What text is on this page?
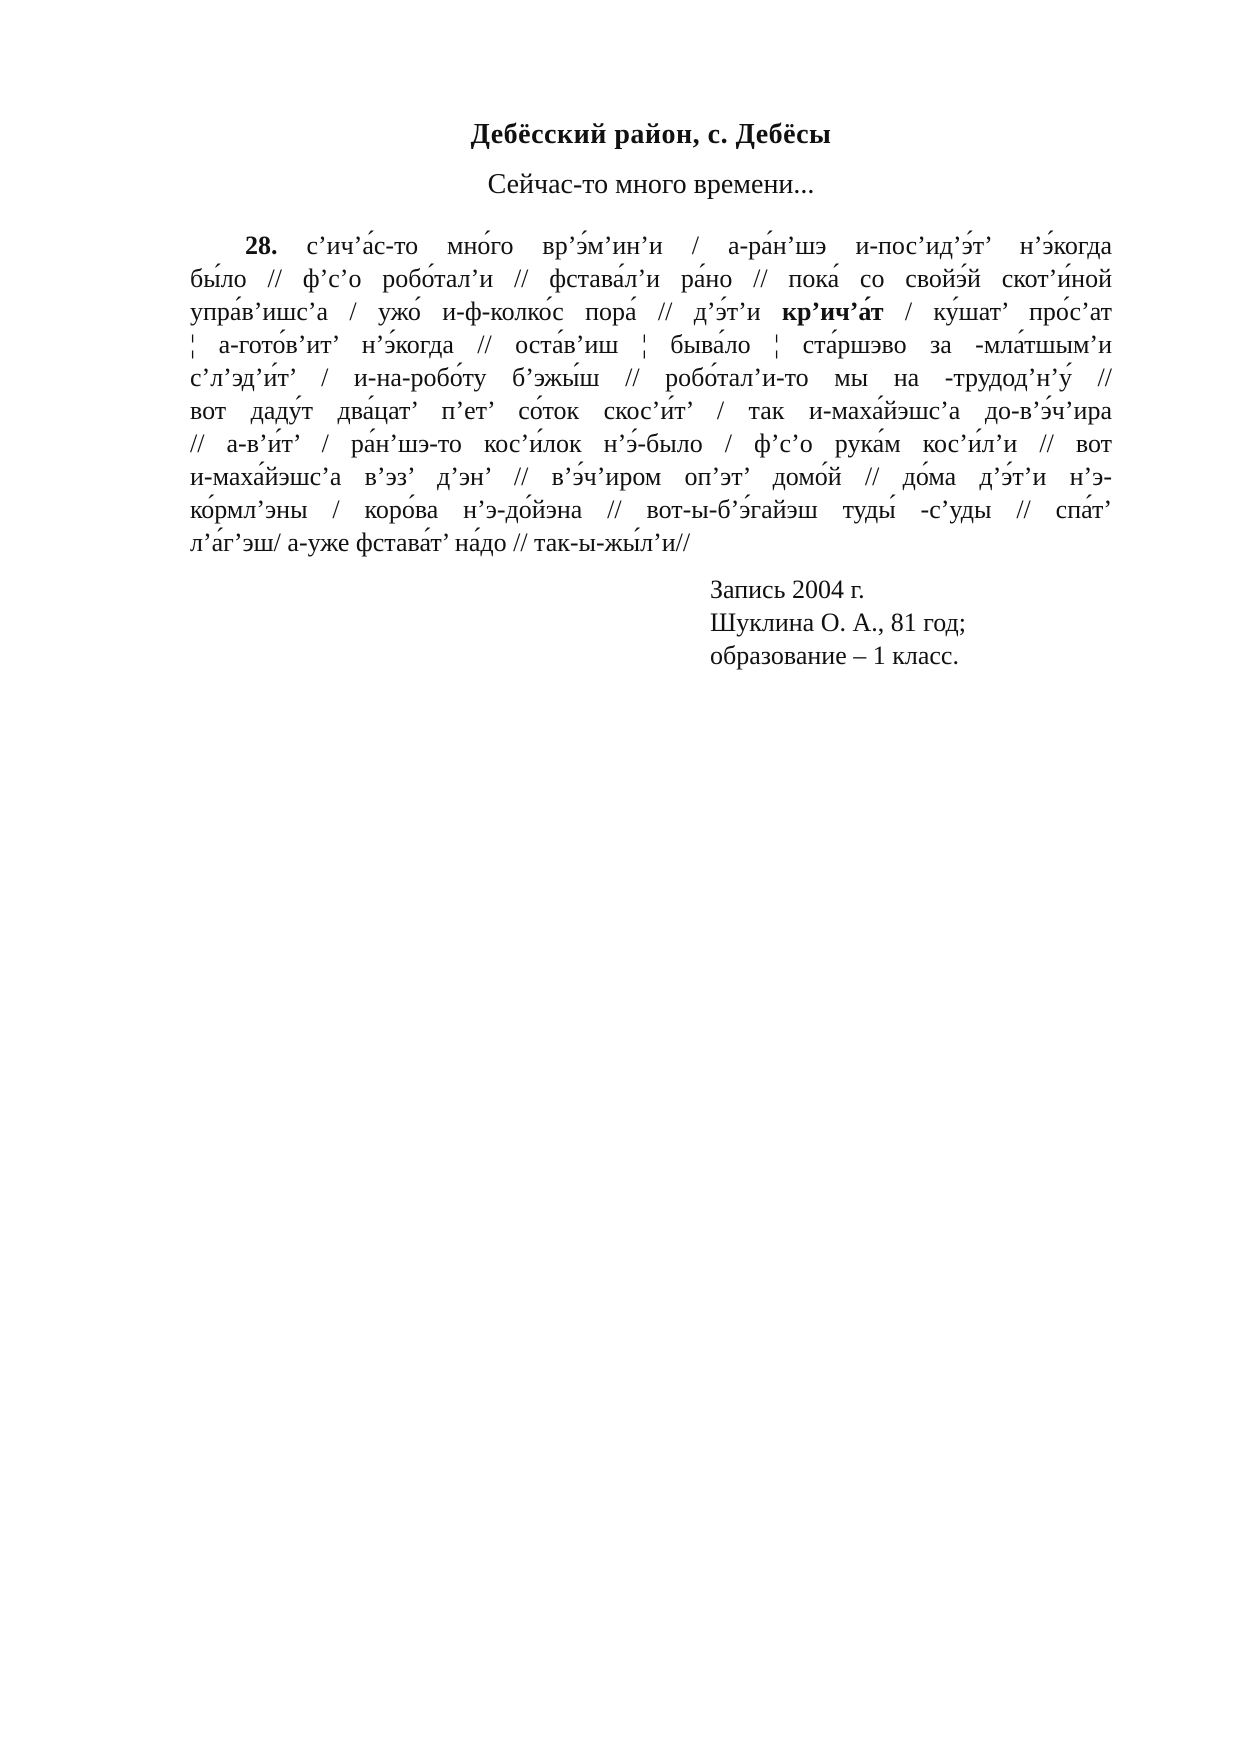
Дебёсский район, с. Дебёсы

Сейчас-то много времени...

28. с’ич’а́с-то мно́го вр’э́м’ин’и / а-ра́н’шэ и-пос’ид’э́т’ н’э́когда
бы́ло // ф’с’о робо́тал’и // фстава́л’и ра́но // пока́ со свойэ́й скот’и́ной
упра́в’ишс’а / ужо́ и-ф-колко́с пора́ // д’э́т’и кр’ич’а́т / ку́шат’ про́с’ат
¦ а-гото́в’ит’ н’э́когда // оста́в’иш ¦ быва́ло ¦ ста́ршэво за -мла́тшым’и
с’л’эд’и́т’ / и-на-робо́ту б’эжы́ш // робо́тал’и-то мы на -трудод’н’у́ //
вот даду́т два́цат’ п’ет’ со́ток скос’и́т’ / так и-маха́йэшс’а до-в’э́ч’ира
// а-в’и́т’ / ра́н’шэ-то кос’и́лок н’э́-было / ф’с’о рука́м кос’и́л’и // вот
и-маха́йэшс’а в’эз’ д’эн’ // в’э́ч’иром оп’эт’ домо́й // до́ма д’э́т’и н’э-
ко́рмл’эны / коро́ва н’э-до́йэна // вот-ы-б’э́гайэш туды́ -с’уды // спа́т’
л’а́г’эш/ а-уже фстава́т’ на́до // так-ы-жы́л’и//
Запись 2004 г.
Шуклина О. А., 81 год;
образование – 1 класс.
